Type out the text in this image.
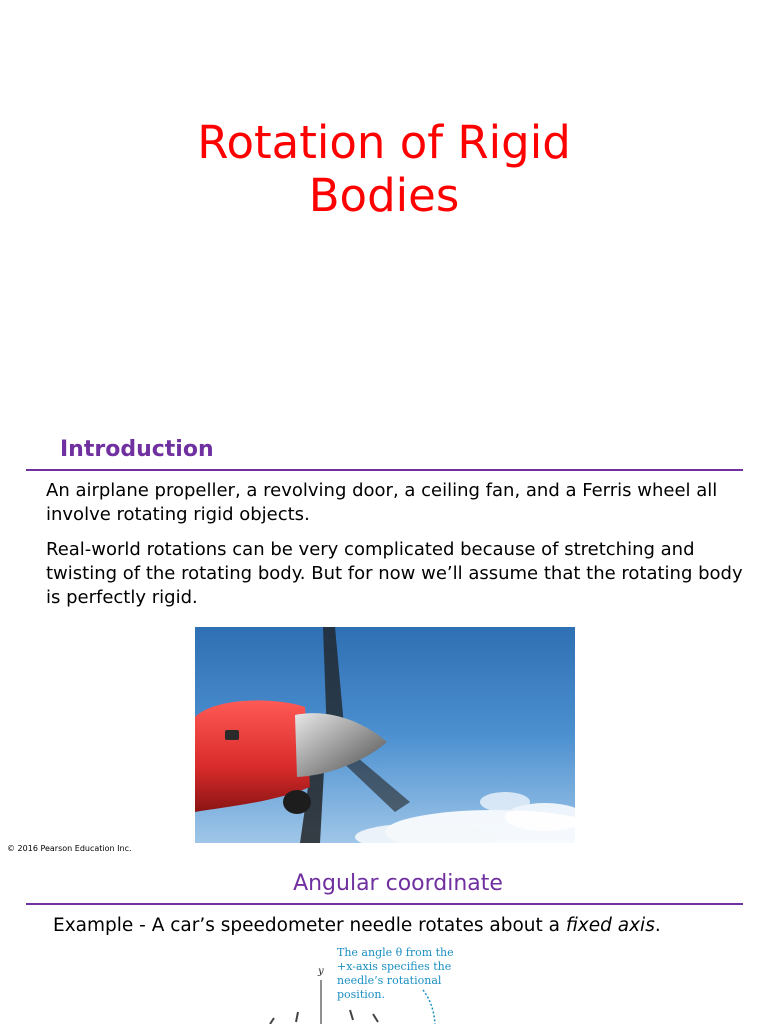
Rotation of Rigid
Bodies
Introduction
An airplane propeller, a revolving door, a ceiling fan, and a Ferris wheel all involve rotating rigid objects.
Real-world rotations can be very complicated because of stretching and twisting of the rotating body. But for now we’ll assume that the rotating body is perfectly rigid.
© 2016 Pearson Education Inc.
Angular coordinate
Example - A car’s speedometer needle rotates about a fixed axis.
y
The angle θ from the +x-axis specifies the needle’s rotational position.
